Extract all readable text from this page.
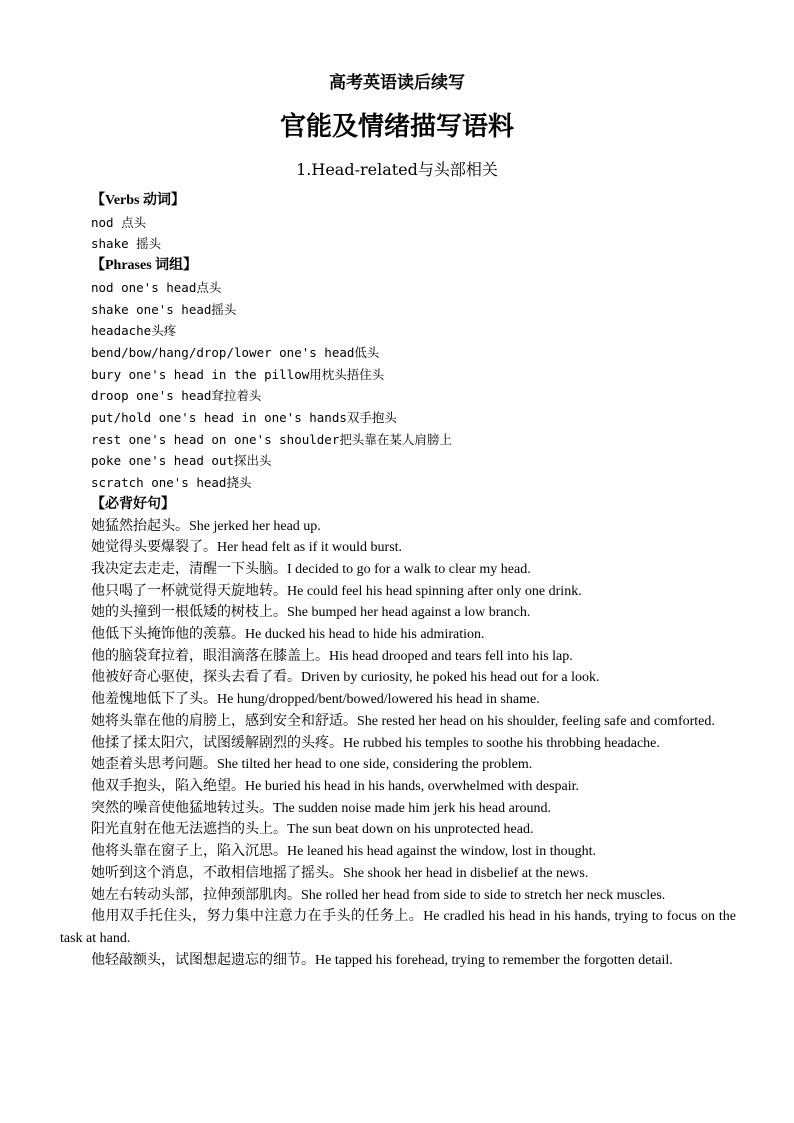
高考英语读后续写
官能及情绪描写语料
1.Head-related与头部相关

【Verbs 动词】

nod 点头

shake 摇头

【Phrases 词组】

nod one's head点头

shake one's head摇头

headache头疼

bend/bow/hang/drop/lower one's head低头

bury one's head in the pillow用枕头捂住头

droop one's head耷拉着头

put/hold one's head in one's hands双手抱头

rest one's head on one's shoulder把头靠在某人肩膀上

poke one's head out探出头

scratch one's head挠头

【必背好句】

她猛然抬起头。She jerked her head up.

她觉得头要爆裂了。Her head felt as if it would burst.

我决定去走走，清醒一下头脑。I decided to go for a walk to clear my head.

他只喝了一杯就觉得天旋地转。He could feel his head spinning after only one drink.

她的头撞到一根低矮的树枝上。She bumped her head against a low branch.

他低下头掩饰他的羡慕。He ducked his head to hide his admiration.

他的脑袋耷拉着，眼泪滴落在膝盖上。His head drooped and tears fell into his lap.

他被好奇心驱使，探头去看了看。Driven by curiosity, he poked his head out for a look.

他羞愧地低下了头。He hung/dropped/bent/bowed/lowered his head in shame.

她将头靠在他的肩膀上，感到安全和舒适。She rested her head on his shoulder, feeling safe and comforted.

他揉了揉太阳穴，试图缓解剧烈的头疼。He rubbed his temples to soothe his throbbing headache.

她歪着头思考问题。She tilted her head to one side, considering the problem.

他双手抱头，陷入绝望。He buried his head in his hands, overwhelmed with despair.

突然的噪音使他猛地转过头。The sudden noise made him jerk his head around.

阳光直射在他无法遮挡的头上。The sun beat down on his unprotected head.

他将头靠在窗子上，陷入沉思。He leaned his head against the window, lost in thought.

她听到这个消息，不敢相信地摇了摇头。She shook her head in disbelief at the news.

她左右转动头部，拉伸颈部肌肉。She rolled her head from side to side to stretch her neck muscles.

他用双手托住头，努力集中注意力在手头的任务上。He cradled his head in his hands, trying to focus on the task at hand.

他轻敲额头，试图想起遗忘的细节。He tapped his forehead, trying to remember the forgotten detail.
